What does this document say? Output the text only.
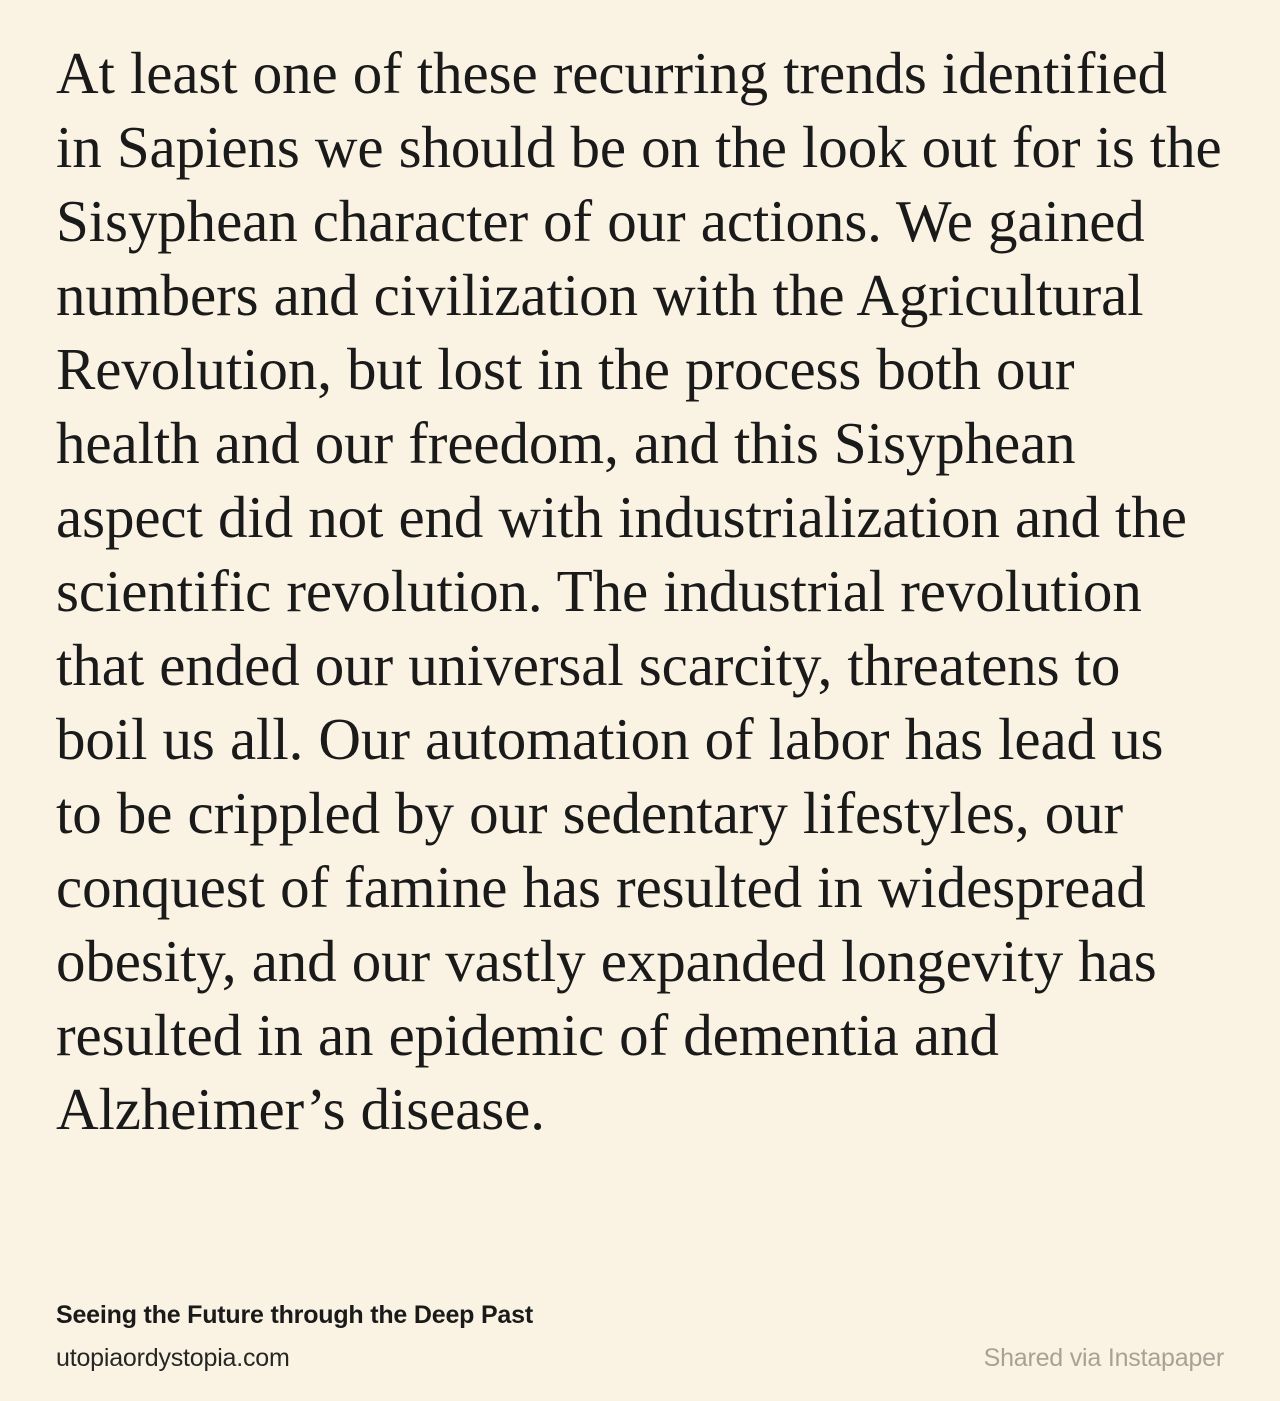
At least one of these recurring trends identified in Sapiens we should be on the look out for is the Sisyphean character of our actions. We gained numbers and civilization with the Agricultural Revolution, but lost in the process both our health and our freedom, and this Sisyphean aspect did not end with industrialization and the scientific revolution. The industrial revolution that ended our universal scarcity, threatens to boil us all. Our automation of labor has lead us to be crippled by our sedentary lifestyles, our conquest of famine has resulted in widespread obesity, and our vastly expanded longevity has resulted in an epidemic of dementia and Alzheimer’s disease.
Seeing the Future through the Deep Past
utopiaordystopia.com	Shared via Instapaper
